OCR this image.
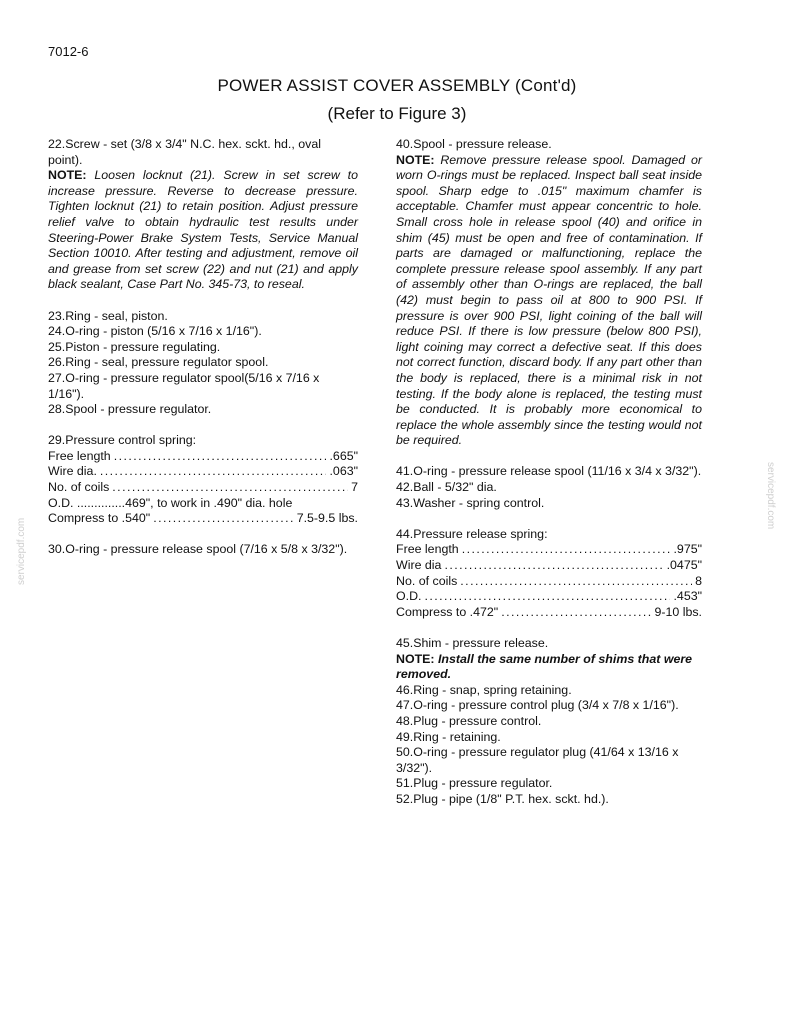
7012-6
POWER ASSIST COVER ASSEMBLY (Cont'd)
(Refer to Figure 3)
servicepdf.com
servicepdf.com

22.Screw - set (3/8 x 3/4" N.C. hex. sckt. hd., oval point).

NOTE: Loosen locknut (21). Screw in set screw to increase pressure. Reverse to decrease pressure. Tighten locknut (21) to retain position. Adjust pressure relief valve to obtain hydraulic test results under Steering-Power Brake System Tests, Service Manual Section 10010. After testing and adjustment, remove oil and grease from set screw (22) and nut (21) and apply black sealant, Case Part No. 345-73, to reseal.

23.Ring - seal, piston.

24.O-ring - piston (5/16 x 7/16 x 1/16").

25.Piston - pressure regulating.

26.Ring - seal, pressure regulator spool.

27.O-ring - pressure regulator spool(5/16 x 7/16 x 1/16").

28.Spool - pressure regulator.

29.Pressure control spring:

Free length . . .	.665"
Wire dia. . . .	.063"
No. of coils . . .	7

O.D. ..............469", to work in .490" dia. hole

Compress to .540" . . .	7.5-9.5 lbs.

30.O-ring - pressure release spool (7/16 x 5/8 x 3/32").

40.Spool - pressure release.

NOTE: Remove pressure release spool. Damaged or worn O-rings must be replaced. Inspect ball seat inside spool. Sharp edge to .015" maximum chamfer is acceptable. Chamfer must appear concentric to hole. Small cross hole in release spool (40) and orifice in shim (45) must be open and free of contamination. If parts are damaged or malfunctioning, replace the complete pressure release spool assembly. If any part of assembly other than O-rings are replaced, the ball (42) must begin to pass oil at 800 to 900 PSI. If pressure is over 900 PSI, light coining of the ball will reduce PSI. If there is low pressure (below 800 PSI), light coining may correct a defective seat. If this does not correct function, discard body. If any part other than the body is replaced, there is a minimal risk in not testing. If the body alone is replaced, the testing must be conducted. It is probably more economical to replace the whole assembly since the testing would not be required.

41.O-ring - pressure release spool (11/16 x 3/4 x 3/32").

42.Ball - 5/32" dia.

43.Washer - spring control.

44.Pressure release spring:

Free length . . .	.975"
Wire dia . . .	.0475"
No. of coils . . .	8
O.D. . . .	.453"
Compress to .472" . . .	9-10 lbs.

45.Shim - pressure release.

NOTE: Install the same number of shims that were removed.

46.Ring - snap, spring retaining.

47.O-ring - pressure control plug (3/4 x 7/8 x 1/16").

48.Plug - pressure control.

49.Ring - retaining.

50.O-ring - pressure regulator plug (41/64 x 13/16 x 3/32").

51.Plug - pressure regulator.

52.Plug - pipe (1/8" P.T. hex. sckt. hd.).
